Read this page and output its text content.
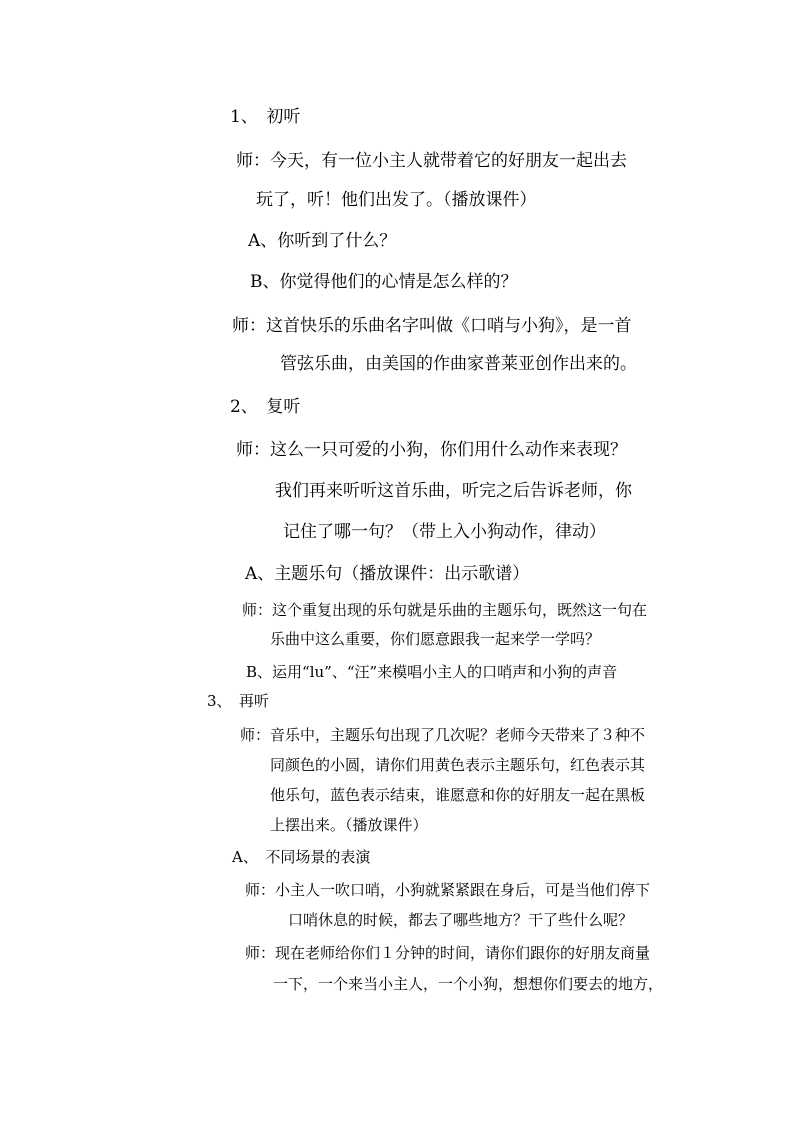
1、　初听
师：今天，有一位小主人就带着它的好朋友一起出去
玩了，听！他们出发了。（播放课件）
A、你听到了什么？
B、你觉得他们的心情是怎么样的？
师：这首快乐的乐曲名字叫做《口哨与小狗》，是一首
管弦乐曲，由美国的作曲家普莱亚创作出来的。
2、　复听
师：这么一只可爱的小狗，你们用什么动作来表现？
我们再来听听这首乐曲，听完之后告诉老师，你
记住了哪一句？（带上入小狗动作，律动）
A、主题乐句（播放课件：出示歌谱）
师：这个重复出现的乐句就是乐曲的主题乐句，既然这一句在
乐曲中这么重要，你们愿意跟我一起来学一学吗？
B、运用“lu”、“汪”来模唱小主人的口哨声和小狗的声音
3、　再听
师：音乐中，主题乐句出现了几次呢？老师今天带来了３种不
同颜色的小圆，请你们用黄色表示主题乐句，红色表示其
他乐句，蓝色表示结束，谁愿意和你的好朋友一起在黑板
上摆出来。（播放课件）
A、　不同场景的表演
师：小主人一吹口哨，小狗就紧紧跟在身后，可是当他们停下
口哨休息的时候，都去了哪些地方？干了些什么呢？
师：现在老师给你们１分钟的时间，请你们跟你的好朋友商量
一下，一个来当小主人，一个小狗，想想你们要去的地方，
